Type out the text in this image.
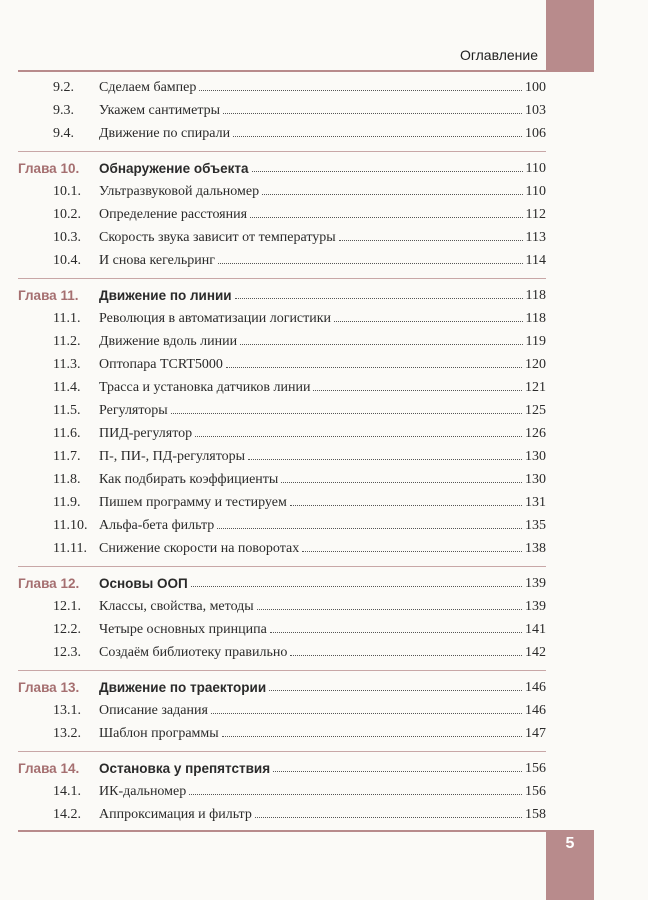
Оглавление
9.2. Сделаем бампер	100
9.3. Укажем сантиметры	103
9.4. Движение по спирали	106
Глава 10. Обнаружение объекта	110
10.1. Ультразвуковой дальномер	110
10.2. Определение расстояния	112
10.3. Скорость звука зависит от температуры	113
10.4. И снова кегельринг	114
Глава 11. Движение по линии	118
11.1. Революция в автоматизации логистики	118
11.2. Движение вдоль линии	119
11.3. Оптопара TCRT5000	120
11.4. Трасса и установка датчиков линии	121
11.5. Регуляторы	125
11.6. ПИД-регулятор	126
11.7. П-, ПИ-, ПД-регуляторы	130
11.8. Как подбирать коэффициенты	130
11.9. Пишем программу и тестируем	131
11.10. Альфа-бета фильтр	135
11.11. Снижение скорости на поворотах	138
Глава 12. Основы ООП	139
12.1. Классы, свойства, методы	139
12.2. Четыре основных принципа	141
12.3. Создаём библиотеку правильно	142
Глава 13. Движение по траектории	146
13.1. Описание задания	146
13.2. Шаблон программы	147
Глава 14. Остановка у препятствия	156
14.1. ИК-дальномер	156
14.2. Аппроксимация и фильтр	158
5
